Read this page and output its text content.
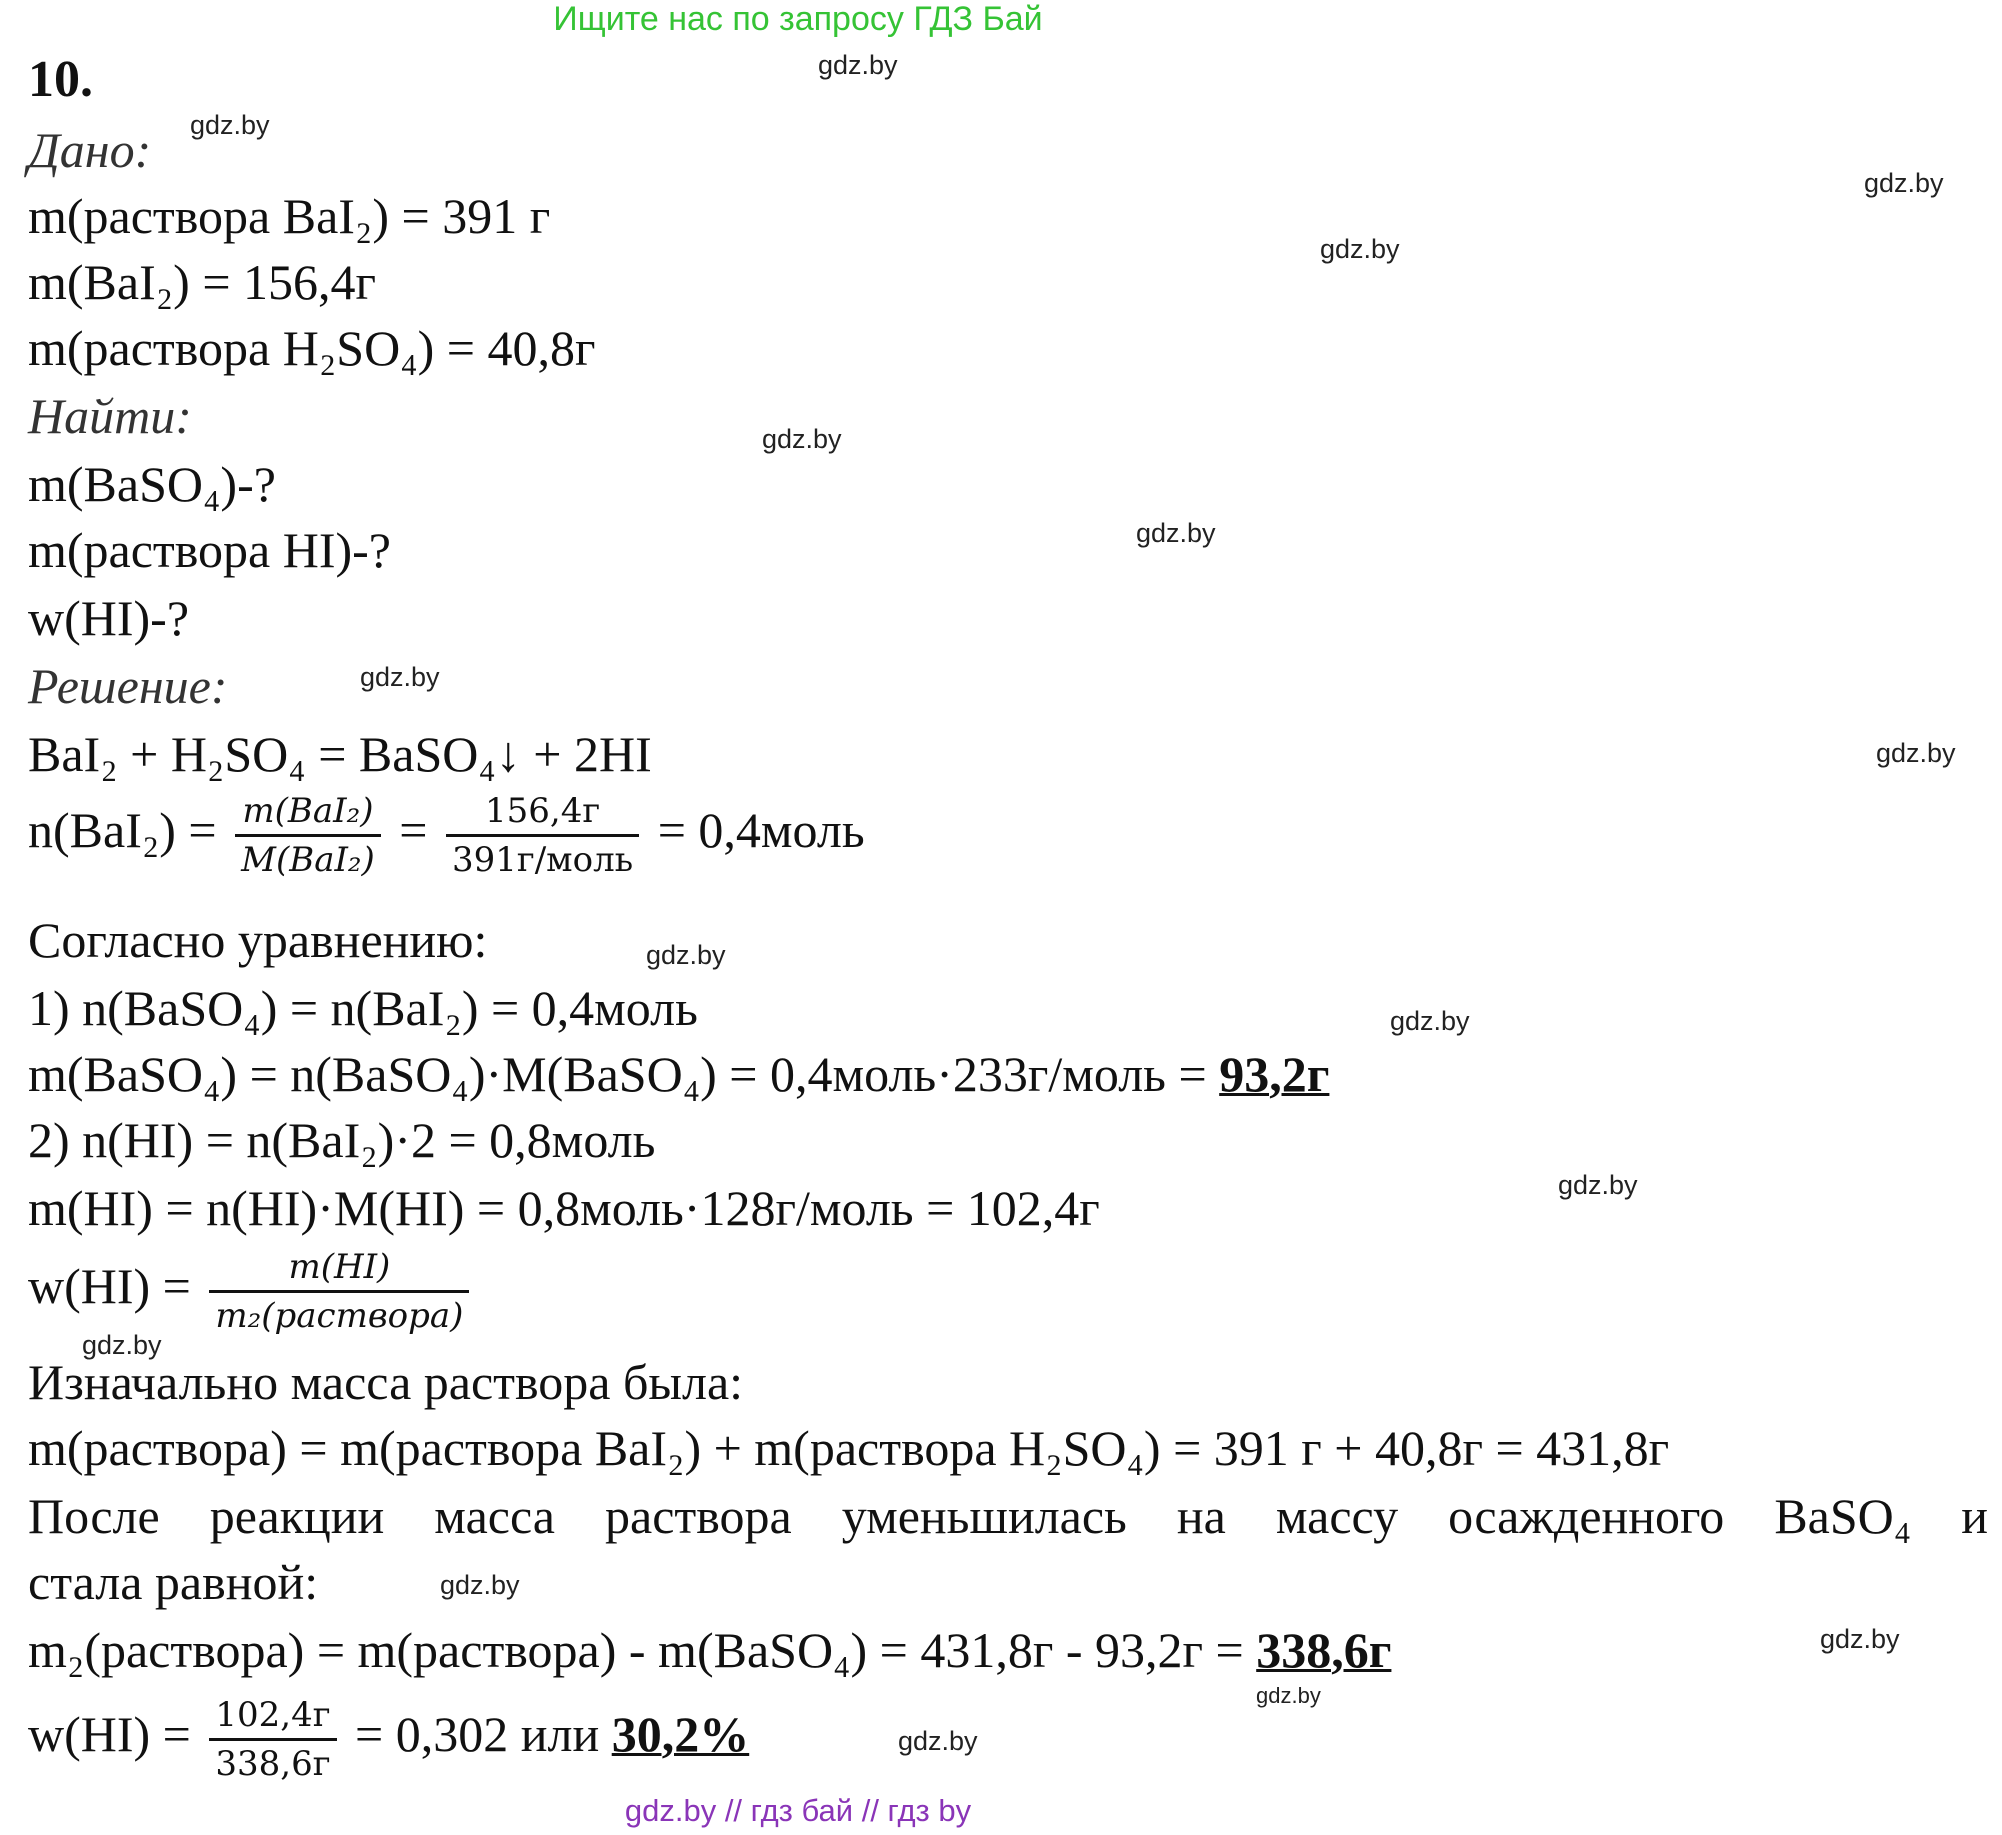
Ищите нас по запросу ГДЗ Бай
gdz.by
gdz.by
gdz.by
gdz.by
gdz.by
gdz.by
gdz.by
gdz.by
gdz.by
gdz.by
gdz.by
gdz.by
gdz.by
gdz.by
gdz.by
gdz.by
10.
Дано:
m(раствора BaI₂) = 391 г
m(BaI₂) = 156,4г
m(раствора H₂SO₄) = 40,8г
Найти:
m(BaSO₄)-?
m(раствора HI)-?
w(HI)-?
Решение:
BaI₂ + H₂SO₄ = BaSO₄↓ + 2HI
$n(BaI_2) = \frac{\text{m(BaI₂)}}{\text{M(BaI₂)}} = \frac{156,4г}{\text{391г/моль}}$ = 0,4моль
Согласно уравнению:
1) n(BaSO₄) = n(BaI₂) = 0,4моль
m(BaSO₄) = n(BaSO₄)·M(BaSO₄) = 0,4моль·233г/моль = 93,2г
2) n(HI) = n(BaI₂)·2 = 0,8моль
m(HI) = n(HI)·M(HI) = 0,8моль·128г/моль = 102,4г
$w(HI) = \frac{m(HI)}{\text{m₂(раствора)}}$
Изначально масса раствора была:
m(раствора) = m(раствора BaI₂) + m(раствора H₂SO₄) = 391 г + 40,8г = 431,8г
После реакции масса раствора уменьшилась на массу осажденного BaSO₄ и
стала равной:
m₂(раствора) = m(раствора) - m(BaSO₄) = 431,8г - 93,2г = 338,6г
$w(HI) = \frac{102,4г}{338,6г} = 0,302$ или 30,2%
gdz.by // гдз бай // гдз by
